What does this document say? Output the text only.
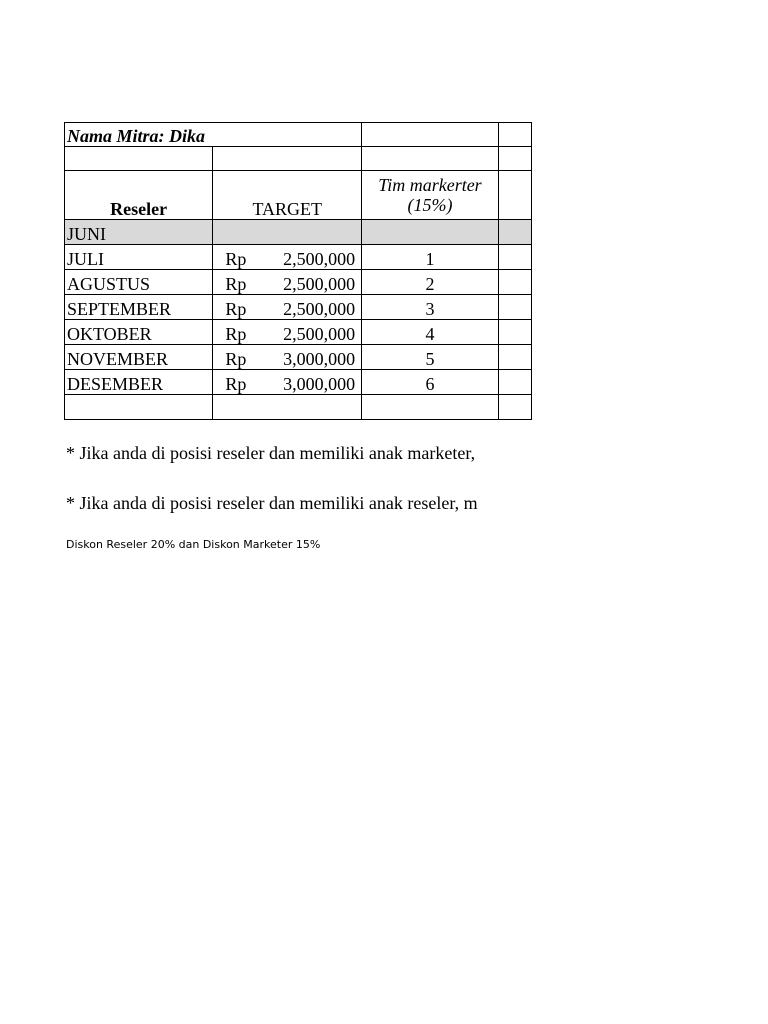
Nama Mitra: Dika			

Reseler	TARGET	Tim markerter (15%)	
JUNI			
JULI	Rp 2,500,000	1	
AGUSTUS	Rp 2,500,000	2	
SEPTEMBER	Rp 2,500,000	3	
OKTOBER	Rp 2,500,000	4	
NOVEMBER	Rp 3,000,000	5	
DESEMBER	Rp 3,000,000	6	

* Jika anda di posisi reseler dan memiliki anak marketer,
* Jika anda di posisi reseler dan memiliki anak reseler, m
Diskon Reseler 20% dan Diskon Marketer 15%
